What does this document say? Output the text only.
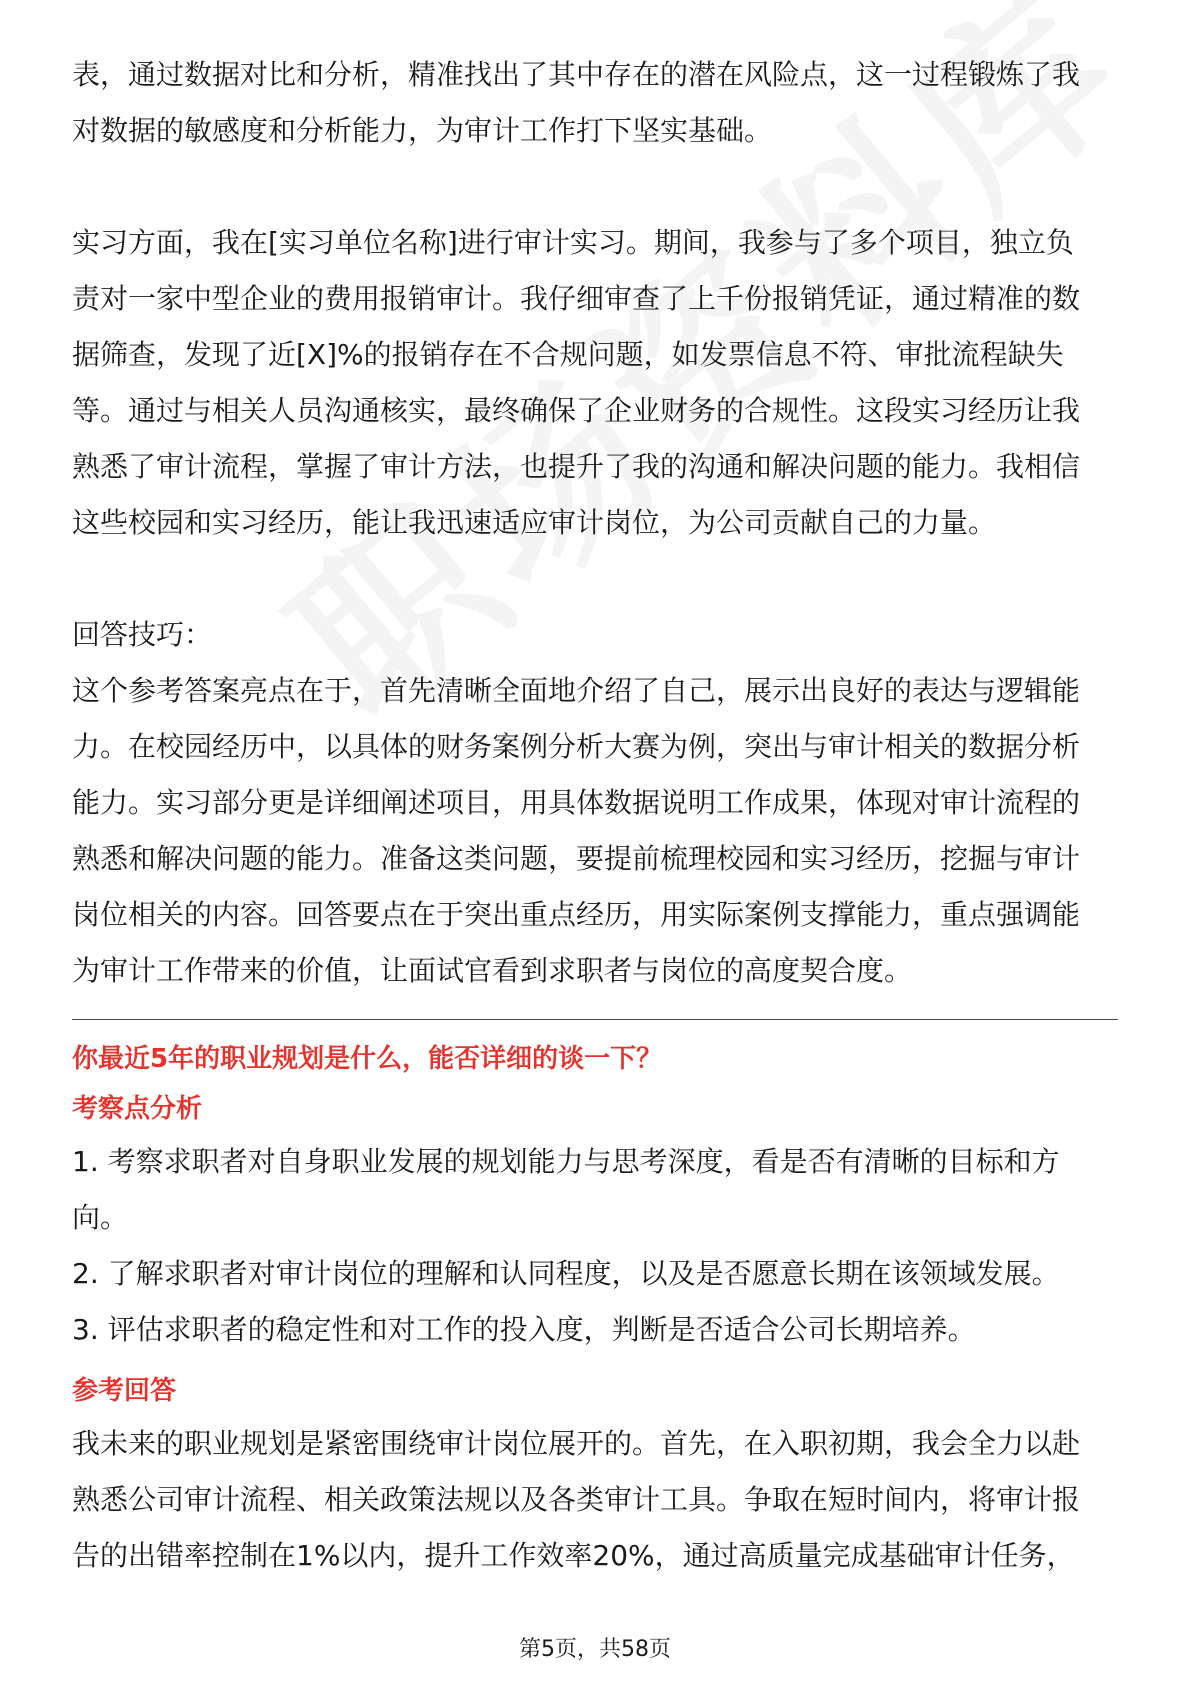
表，通过数据对比和分析，精准找出了其中存在的潜在风险点，这一过程锻炼了我

对数据的敏感度和分析能力，为审计工作打下坚实基础。

实习方面，我在[实习单位名称]进行审计实习。期间，我参与了多个项目，独立负

责对一家中型企业的费用报销审计。我仔细审查了上千份报销凭证，通过精准的数

据筛查，发现了近[X]%的报销存在不合规问题，如发票信息不符、审批流程缺失

等。通过与相关人员沟通核实，最终确保了企业财务的合规性。这段实习经历让我

熟悉了审计流程，掌握了审计方法，也提升了我的沟通和解决问题的能力。我相信

这些校园和实习经历，能让我迅速适应审计岗位，为公司贡献自己的力量。

回答技巧：

这个参考答案亮点在于，首先清晰全面地介绍了自己，展示出良好的表达与逻辑能

力。在校园经历中，以具体的财务案例分析大赛为例，突出与审计相关的数据分析

能力。实习部分更是详细阐述项目，用具体数据说明工作成果，体现对审计流程的

熟悉和解决问题的能力。准备这类问题，要提前梳理校园和实习经历，挖掘与审计

岗位相关的内容。回答要点在于突出重点经历，用实际案例支撑能力，重点强调能

为审计工作带来的价值，让面试官看到求职者与岗位的高度契合度。

你最近5年的职业规划是什么，能否详细的谈一下？

考察点分析

1. 考察求职者对自身职业发展的规划能力与思考深度，看是否有清晰的目标和方

向。

2. 了解求职者对审计岗位的理解和认同程度，以及是否愿意长期在该领域发展。

3. 评估求职者的稳定性和对工作的投入度，判断是否适合公司长期培养。

参考回答

我未来的职业规划是紧密围绕审计岗位展开的。首先，在入职初期，我会全力以赴

熟悉公司审计流程、相关政策法规以及各类审计工具。争取在短时间内，将审计报

告的出错率控制在1%以内，提升工作效率20%，通过高质量完成基础审计任务，

第5页，共58页
